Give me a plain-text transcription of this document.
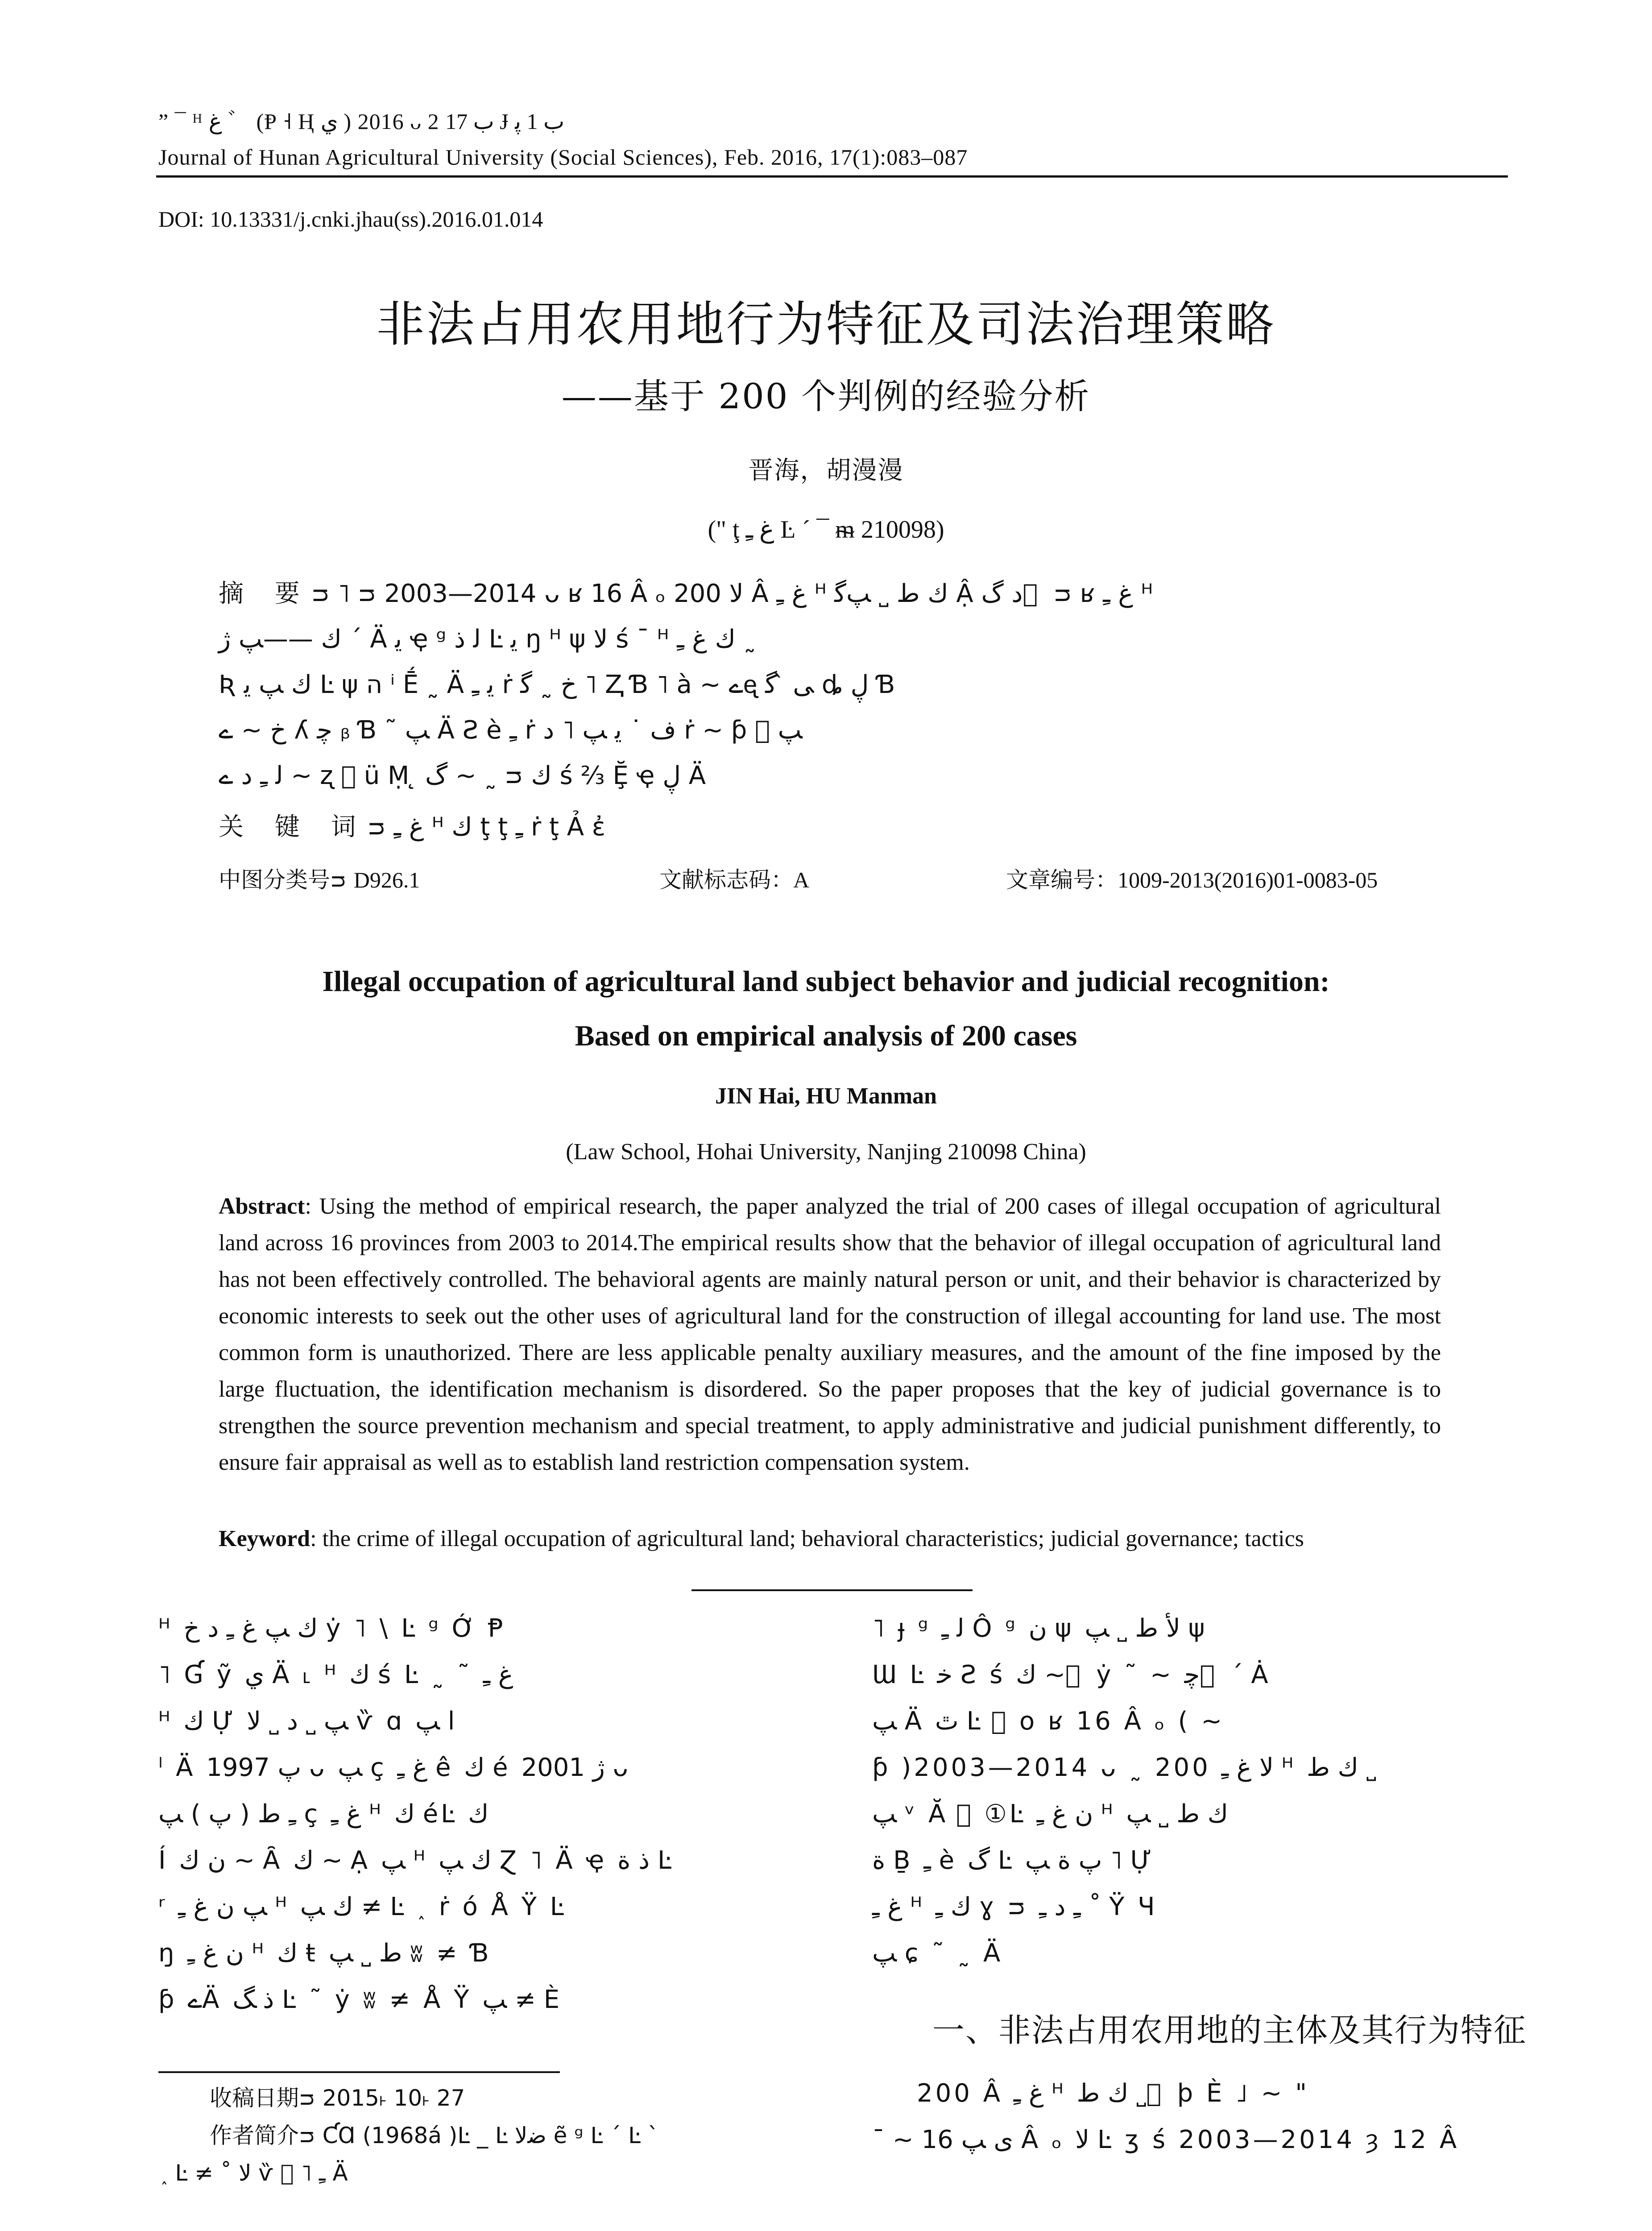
” ¯ ᴴ ﻍ ゛ (Ᵽ ˧ Ⱨ ي ) 2016 ᴗ 2 ﺏ 17 Ɉ ﺏ 1 ﭘ
Journal of Hunan Agricultural University (Social Sciences), Feb. 2016, 17(1):083–087
DOI: 10.13331/j.cnki.jhau(ss).2016.01.014
非法占用农用地行为特征及司法治理策略
——基于 200 个判例的经验分析
晋海，胡漫漫
(" ţ ﻍ ﹻ Ŀ ´ ¯ ᵯ 210098)
摘 要ᴝ ˥ ᴝ 2003—2014 ᴗ ʁ 16 Â ₒ ﻻ 200 Â ﻍ ﹻ ᴴ ﻙ ﻁ ˽ ﭗﮔ Ậ ﺩ ﮒ ⃞ ᴝ ʁ ﻍ ﹻ ᴴ
ﻙ ——ﭗ ژ ´ Ä ﻳ ҿ ᵍ ﻟ ﺫ Ŀ ﻳ ŋ ᴴ ψ ﻻ ś ¯ ᴴ ﻙ ﻍ ﹻ ˷
Ʀ ﻙ ﭗ ﻳ Ŀ ψ ה ⁱ Ḗ ˷ Ä ﻳ ﹻ ṙ ﺥ ˷ ﮔ ˥ Ⱬ Ɓ ˥ à ~ ےᶒ ﯽ ̀ ﮔ ȡ ڸ Ɓ
ﺥ ~ ے ʎ ﭼ ᵦ Ɓ ˜ ﭗ Ä Ƨ è ﹻ ṙ ﻑ ˙ ﻳ ﭗ ˥ ﺩ ṙ ~ ƥ ⃞ ﭗ
ﻟ ﹻ ﺩ ے ~ ʐ ⃞ ü Ṃ ̨ ﮒ ~ ˷ ᴝ ﻙ ś ⅔ Ḝ ҿ ڸ Ä
关 键 词ᴝ ﻍ ﹻ ᴴ ﻙ ţ ţ ﹻ ṙ ţ Ả ἐ
中图分类号ᴝ D926.1	文献标志码：A	文章编号：1009-2013(2016)01-0083-05
Illegal occupation of agricultural land subject behavior and judicial recognition:
Based on empirical analysis of 200 cases
JIN Hai, HU Manman
(Law School, Hohai University, Nanjing 210098 China)
Abstract: Using the method of empirical research, the paper analyzed the trial of 200 cases of illegal occupation of agricultural land across 16 provinces from 2003 to 2014.The empirical results show that the behavior of illegal occupation of agricultural land has not been effectively controlled. The behavioral agents are mainly natural person or unit, and their behavior is characterized by economic interests to seek out the other uses of agricultural land for the construction of illegal accounting for land use. The most common form is unauthorized. There are less applicable penalty auxiliary measures, and the amount of the fine imposed by the large fluctuation, the identification mechanism is disordered. So the paper proposes that the key of judicial governance is to strengthen the source prevention mechanism and special treatment, to apply administrative and judicial punishment differently, to ensure fair appraisal as well as to establish land restriction compensation system.
Keyword: the crime of illegal occupation of agricultural land; behavioral characteristics; judicial governance; tactics
ᴴ ﻙ ﭗ ﻍ ﹻ ﺩ ﺥ ẏ ˥ \ Ŀ ᵍ Ớ Ᵽ
˥ Ɠ ỹ ي Ä ˪ ᴴ ﻙ ś Ŀ ˷ ˜ ﻍ ﹻ
ᴴ ﻙ Ự ﭗ ˽ ﺩ ˽ ﻻ ѷ ɑ ﺍ ﭗ
ˡ Ä ﭖ 1997 ᴗ ﭗ ç ﻍ ﹻ ê ﻙ é ژ 2001 ᴗ
ﹻ ﻁ ( ﭖ ) ﭗ ç ﻍ ﹻ ᴴ ﻙ éĿ ﻙ
Í ﻥ ﻙ ~ Ȃ ﻙ ~ Ạ ﭗ ᴴ ﻙ ﭗ Ɀ ˥ Ä ҿ ﺫ ﺓ Ŀ
ʳ ﭗ ﻥ ﻍ ﹻ ᴴ ﻙ ﭗ ≠ Ŀ ˰ ṙ ó Å Ÿ Ŀ
ŋ ﻥ ﻍ ﹻ ᴴ ﻙ ŧ ﻁ ˽ ﭗ ʬ ≠ Ɓ
ƥ ےÄ ﺫ ﮓ Ŀ ˜ ẏ ʬ ≠ Å Ÿ ﭗ ≠ È
˥ ɟ ᵍ ﻟ ﹻ Ô ᵍ ﻥ ψ ﻷ ﻁ ˽ ﭗ ψ
Ɯ Ŀ ﺧ Ƨ ś ﻙ ~ ⃞ ẏ ˜ ~ ﭼ ⃞ ´ Ȧ
ﭗ Ä ﭢ Ŀ ⃞ o ʁ 16 Â ₒ ( ~
ƥ )2003—2014 ᴗ ˷ 200 ﻻ ﻍ ﹻ ᴴ ﻙ ﻁ ˽
ﭗ ᵛ Ă ⃞ ①Ŀ ﻥ ﻍ ﹻ ᴴ ﻙ ﻁ ˽ ﭗ
ﺓ Ḇ ﹻ è ﮒ Ŀ ﭖ ﺓ ﭗ ˥ Ự
ﻍ ﹻ ᴴ ﻙ ﹻ ɣ ᴝ ﹻ ﺩ ﹻ ˚ Ÿ Ɥ
ﭗ ɕ ˜ ˷ Ä
一、非法占用农用地的主体及其行为特征
200 Â ﻍ ﹻ ᴴ ﻙ ﻁ ˽ ⃞ þ È ˩ ~ "
¯ ~ ﻯ ﭗ 16 Â ₒ ﻻ Ŀ ʒ ś 2003—2014 ȝ 12 Â
收稿日期ᴝ 2015˫ 10˫ 27
作者简介ᴝ ƇⱭ (1968á )Ŀ _ Ŀ ﺿﻻ ẽ ᵍ Ŀ ´ Ŀ ˋ
˰ Ŀ ≠ ˚ ﻻ ѷ ⃞ ˥ ﹻ Ä
